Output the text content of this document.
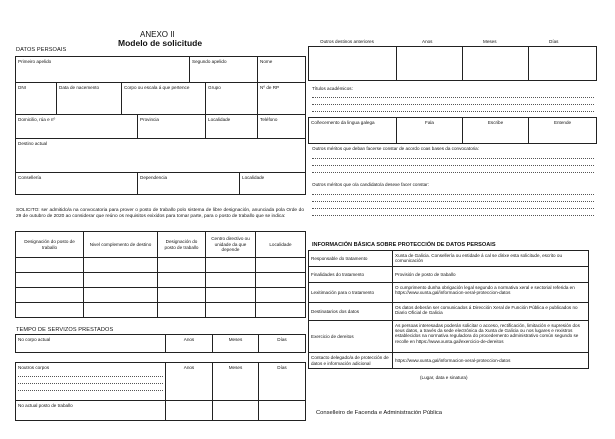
ANEXO II
Modelo de solicitude
DATOS PERSOAIS
Primeiro apelido				Segundo apelido			Nome
DNI	Data de nacemento	Corpo ou escala á que pertence			Grupo		Nº de RP
Domicilio, rúa e nº			Provincia		Localidade		Teléfono
Destino actual							
Consellería			Dependencia			Localidade	
SOLICITO: ser admitido/a na convocatoria para prover o posto de traballo polo sistema de libre designación, anunciada pola Orde do 29 de outubro de 2020 ao considerar que reúno os requisitos exixidos para tomar parte, para o posto de traballo que se indica:
Designación do posto de traballo	Nivel complemento de destino	Designación do posto de traballo	Centro directivo ou unidade da que depende	Localidade

TEMPO DE SERVIZOS PRESTADOS
No corpo actual	Anos	Meses	Días
Noutros corpos	Anos	Meses	Días
No actual posto de traballo			
Outros destinos anteriores	Anos	Meses	Días

Títulos académicos:
Coñecemento da lingua galega	Fala	Escribe	Entende
Outros méritos que deban facerse constar de acordo coas bases da convocatoria:
Outros méritos que o/a candidato/a desexe facer constar:
INFORMACIÓN BÁSICA SOBRE PROTECCIÓN DE DATOS PERSOAIS
Responsable do tratamento	Xunta de Galicia. Consellería ou entidade á cal se dirixe esta solicitude, escrito ou comunicación
Finalidades do tratamento	Provisión de posto de traballo
Lexitimación para o tratamento	O cumprimento dunha obrigación legal segundo a normativa xeral e sectorial referida en https://www.xunta.gal/informacion-xeral-proteccion-datos
Destinatarios dos datos	Os datos deberán ser comunicados á Dirección Xeral de Función Pública e publicados no Diario Oficial de Galicia
Exercicio de dereitos	As persoas interesadas poderán solicitar o acceso, rectificación, limitación e supresión dos seus datos, a través da sede electrónica da Xunta de Galicia ou nos lugares e rexistros establecidos na normativa reguladora do procedemento administrativo común segundo se recolle en https://www.xunta.gal/exercicio-de-dereitos
Contacto delegado/a de protección de datos e información adicional	https://www.xunta.gal/informacion-xeral-proteccion-datos
(Lugar, data e sinatura)
Conselleiro de Facenda e Administración Pública
